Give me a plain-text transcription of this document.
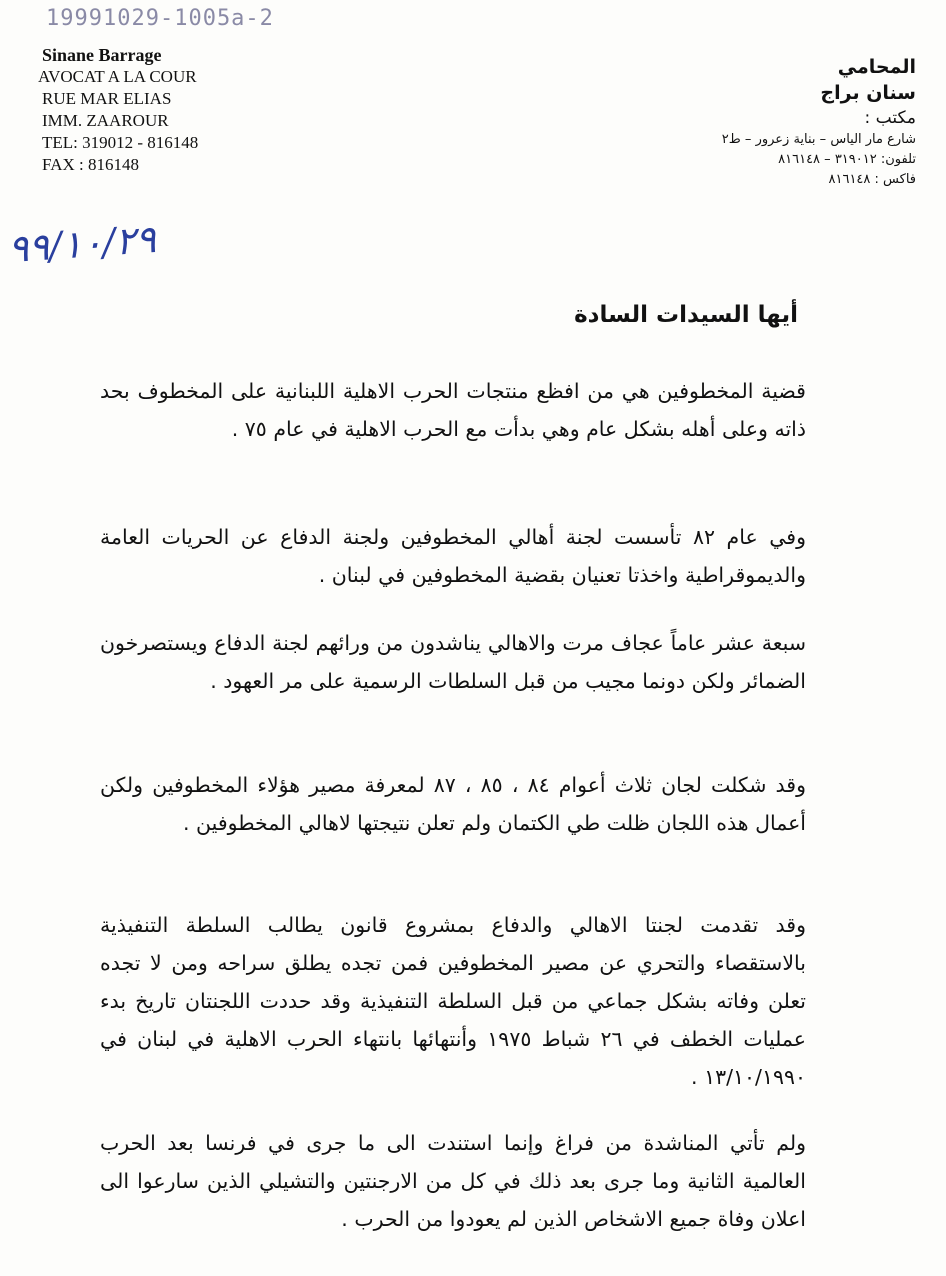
19991029-1005a-2
Sinane Barrage
AVOCAT A LA COUR
RUE MAR ELIAS
IMM. ZAAROUR
TEL: 319012 - 816148
FAX : 816148
المحامي
سنان براج
مكتب :
شارع مار الياس – بناية زعرور – ط٢
تلفون: ٣١٩٠١٢ – ٨١٦١٤٨
فاكس : ٨١٦١٤٨
٩٩/١٠/٢٩
أيها السيدات السادة
قضية المخطوفين هي من افظع منتجات الحرب الاهلية اللبنانية على المخطوف بحد ذاته وعلى أهله بشكل عام وهي بدأت مع الحرب الاهلية في عام ٧٥ .
وفي عام ٨٢ تأسست لجنة أهالي المخطوفين ولجنة الدفاع عن الحريات العامة والديموقراطية واخذتا تعنيان بقضية المخطوفين في لبنان .
سبعة عشر عاماً عجاف مرت والاهالي يناشدون من ورائهم لجنة الدفاع ويستصرخون الضمائر ولكن دونما مجيب من قبل السلطات الرسمية على مر العهود .
وقد شكلت لجان ثلاث أعوام ٨٤ ، ٨٥ ، ٨٧ لمعرفة مصير هؤلاء المخطوفين ولكن أعمال هذه اللجان ظلت طي الكتمان ولم تعلن نتيجتها لاهالي المخطوفين .
وقد تقدمت لجنتا الاهالي والدفاع بمشروع قانون يطالب السلطة التنفيذية بالاستقصاء والتحري عن مصير المخطوفين فمن تجده يطلق سراحه ومن لا تجده تعلن وفاته بشكل جماعي من قبل السلطة التنفيذية وقد حددت اللجنتان تاريخ بدء عمليات الخطف في ٢٦ شباط ١٩٧٥ وأنتهائها بانتهاء الحرب الاهلية في لبنان في ١٣/١٠/١٩٩٠ .
ولم تأتي المناشدة من فراغ وإنما استندت الى ما جرى في فرنسا بعد الحرب العالمية الثانية وما جرى بعد ذلك في كل من الارجنتين والتشيلي الذين سارعوا الى اعلان وفاة جميع الاشخاص الذين لم يعودوا من الحرب .
